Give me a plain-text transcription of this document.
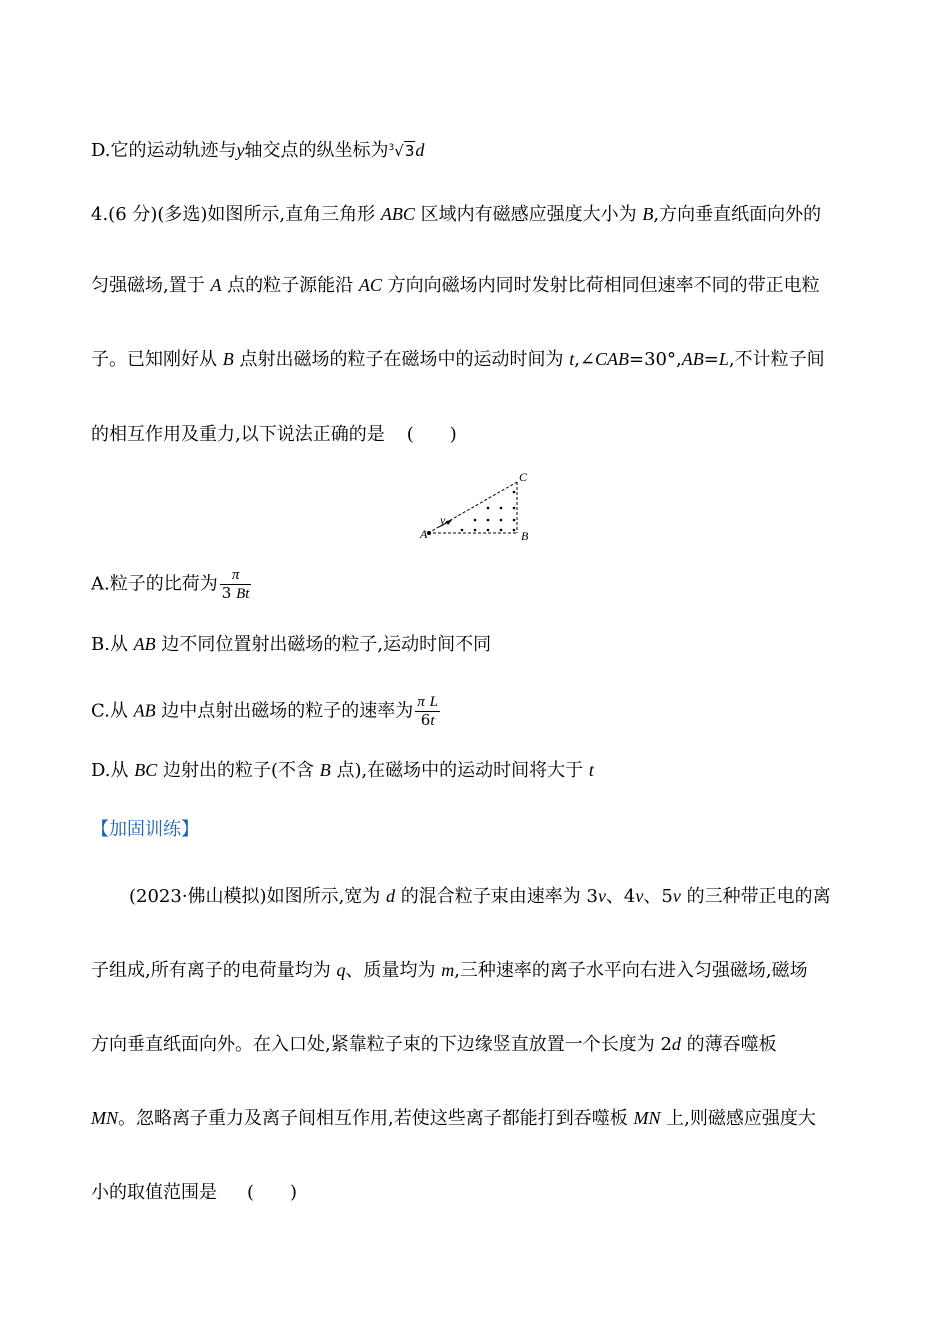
D.它的运动轨迹与y轴交点的纵坐标为$^3$√3d
4.(6 分)(多选)如图所示,直角三角形 ABC 区域内有磁感应强度大小为 B,方向垂直纸面向外的
匀强磁场,置于 A 点的粒子源能沿 AC 方向向磁场内同时发射比荷相同但速率不同的带正电粒
子。已知刚好从 B 点射出磁场的粒子在磁场中的运动时间为 t,∠CAB=30°,AB=L,不计粒子间
的相互作用及重力,以下说法正确的是 (　　)
v
A	B
C
A.粒子的比荷为 $\frac{\pi}{3 Bt}$
B.从 AB 边不同位置射出磁场的粒子,运动时间不同
C.从 AB 边中点射出磁场的粒子的速率为 $\frac{\text{π L}}{6t}$
D.从 BC 边射出的粒子(不含 B 点),在磁场中的运动时间将大于 t
【加固训练】
(2023·佛山模拟)如图所示,宽为 d 的混合粒子束由速率为 3v、4v、5v 的三种带正电的离
子组成,所有离子的电荷量均为 q、质量均为 m,三种速率的离子水平向右进入匀强磁场,磁场
方向垂直纸面向外。在入口处,紧靠粒子束的下边缘竖直放置一个长度为 2d 的薄吞噬板
MN。忽略离子重力及离子间相互作用,若使这些离子都能打到吞噬板 MN 上,则磁感应强度大
小的取值范围是 (　　)
